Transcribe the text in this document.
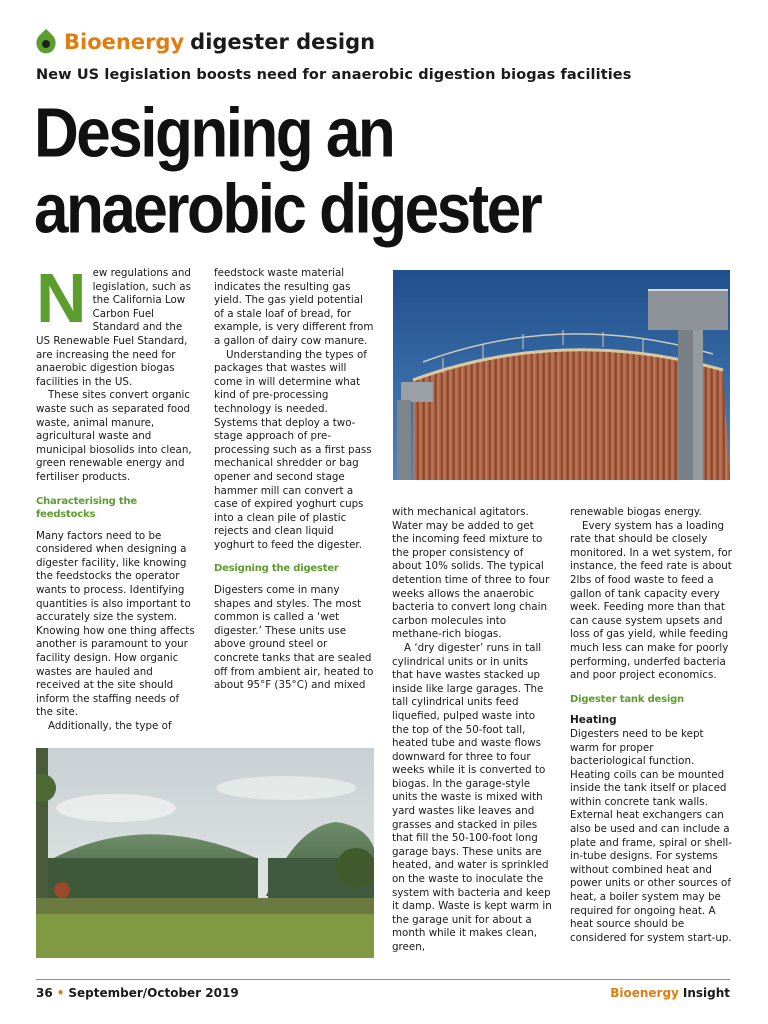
Bioenergy digester design
New US legislation boosts need for anaerobic digestion biogas facilities
Designing an
anaerobic digester
N ew regulations and legislation, such as the California Low Carbon Fuel Standard and the

US Renewable Fuel Standard, are increasing the need for anaerobic digestion biogas facilities in the US.

These sites convert organic waste such as separated food waste, animal manure, agricultural waste and municipal biosolids into clean, green renewable energy and fertiliser products.

Characterising the feedstocks

Many factors need to be considered when designing a digester facility, like knowing the feedstocks the operator wants to process. Identifying quantities is also important to accurately size the system. Knowing how one thing affects another is paramount to your facility design. How organic wastes are hauled and received at the site should inform the staffing needs of the site.

Additionally, the type of

feedstock waste material indicates the resulting gas yield. The gas yield potential of a stale loaf of bread, for example, is very different from a gallon of dairy cow manure.

Understanding the types of packages that wastes will come in will determine what kind of pre-processing technology is needed. Systems that deploy a two-stage approach of pre-processing such as a first pass mechanical shredder or bag opener and second stage hammer mill can convert a case of expired yoghurt cups into a clean pile of plastic rejects and clean liquid yoghurt to feed the digester.

Designing the digester

Digesters come in many shapes and styles. The most common is called a ‘wet digester.’ These units use above ground steel or concrete tanks that are sealed off from ambient air, heated to about 95°F (35°C) and mixed

with mechanical agitators. Water may be added to get the incoming feed mixture to the proper consistency of about 10% solids. The typical detention time of three to four weeks allows the anaerobic bacteria to convert long chain carbon molecules into methane-rich biogas.

A ‘dry digester’ runs in tall cylindrical units or in units that have wastes stacked up inside like large garages. The tall cylindrical units feed liquefied, pulped waste into the top of the 50-foot tall, heated tube and waste flows downward for three to four weeks while it is converted to biogas. In the garage-style units the waste is mixed with yard wastes like leaves and grasses and stacked in piles that fill the 50-100-foot long garage bays. These units are heated, and water is sprinkled on the waste to inoculate the system with bacteria and keep it damp. Waste is kept warm in the garage unit for about a month while it makes clean, green,

renewable biogas energy.

Every system has a loading rate that should be closely monitored. In a wet system, for instance, the feed rate is about 2lbs of food waste to feed a gallon of tank capacity every week. Feeding more than that can cause system upsets and loss of gas yield, while feeding much less can make for poorly performing, underfed bacteria and poor project economics.

Digester tank design

Heating

Digesters need to be kept warm for proper bacteriological function. Heating coils can be mounted inside the tank itself or placed within concrete tank walls. External heat exchangers can also be used and can include a plate and frame, spiral or shell-in-tube designs. For systems without combined heat and power units or other sources of heat, a boiler system may be required for ongoing heat. A heat source should be considered for system start-up.

36 • September/October 2019	Bioenergy Insight
